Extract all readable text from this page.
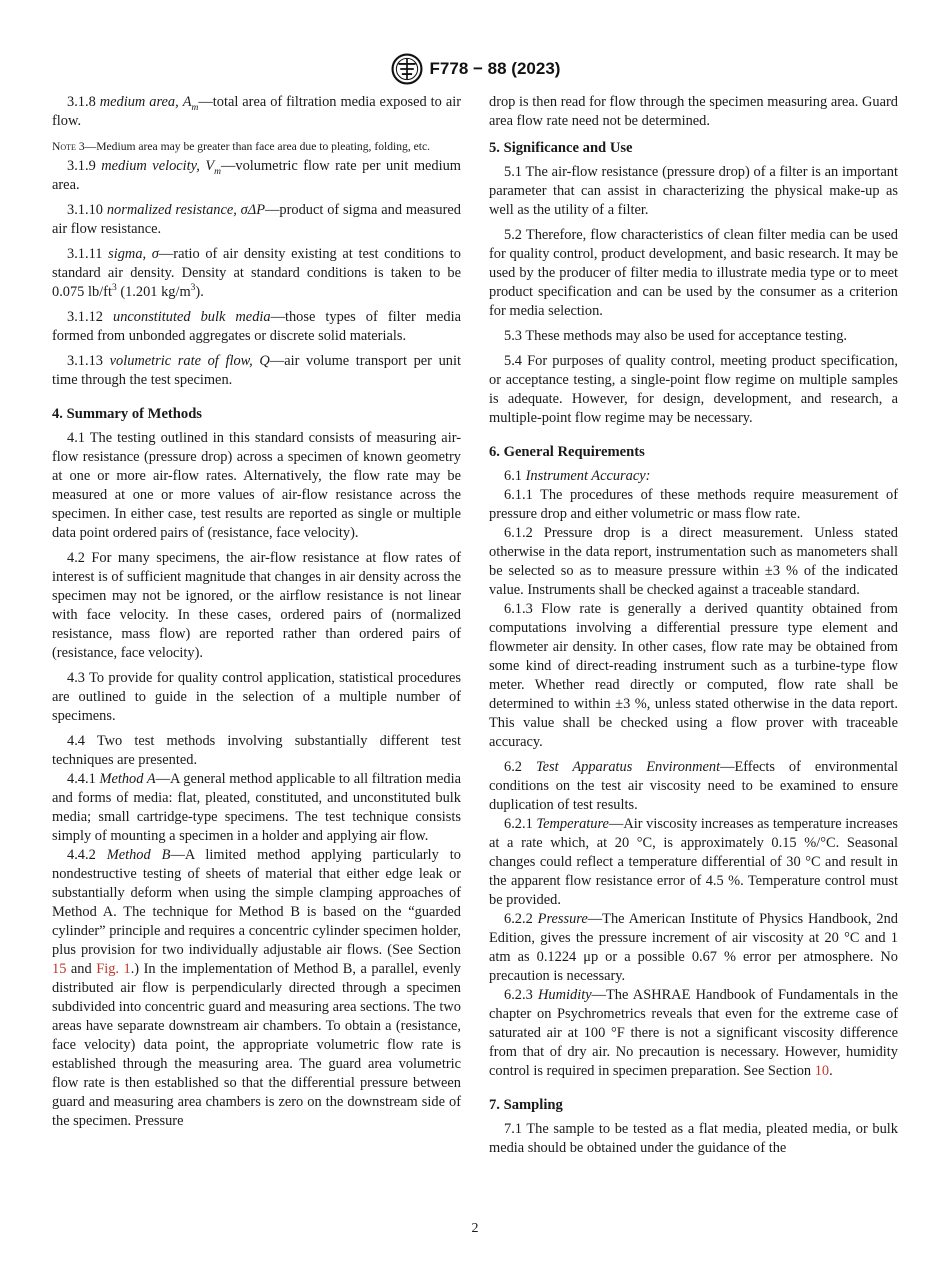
F778 − 88 (2023)

3.1.8 medium area, $A_m—total$ area of filtration media exposed to air flow.

Note 3—Medium area may be greater than face area due to pleating, folding, etc.

3.1.9 medium velocity, $V_m—volumetric$ flow rate per unit medium area.

3.1.10 normalized resistance, σΔP—product of sigma and measured air flow resistance.

3.1.11 sigma, σ—ratio of air density existing at test conditions to standard air density. Density at standard conditions is taken to be 0.075 $lb/ft^3$ (1.201 $kg/m^3$).

3.1.12 unconstituted bulk media—those types of filter media formed from unbonded aggregates or discrete solid materials.

3.1.13 volumetric rate of flow, Q—air volume transport per unit time through the test specimen.

4. Summary of Methods

4.1 The testing outlined in this standard consists of measuring air-flow resistance (pressure drop) across a specimen of known geometry at one or more air-flow rates. Alternatively, the flow rate may be measured at one or more values of air-flow resistance across the specimen. In either case, test results are reported as single or multiple data point ordered pairs of (resistance, face velocity).

4.2 For many specimens, the air-flow resistance at flow rates of interest is of sufficient magnitude that changes in air density across the specimen may not be ignored, or the airflow resistance is not linear with face velocity. In these cases, ordered pairs of (normalized resistance, mass flow) are reported rather than ordered pairs of (resistance, face velocity).

4.3 To provide for quality control application, statistical procedures are outlined to guide in the selection of a multiple number of specimens.

4.4 Two test methods involving substantially different test techniques are presented.

4.4.1 Method A—A general method applicable to all filtration media and forms of media: flat, pleated, constituted, and unconstituted bulk media; small cartridge-type specimens. The test technique consists simply of mounting a specimen in a holder and applying air flow.

4.4.2 Method B—A limited method applying particularly to nondestructive testing of sheets of material that either edge leak or substantially deform when using the simple clamping approaches of Method A. The technique for Method B is based on the “guarded cylinder” principle and requires a concentric cylinder specimen holder, plus provision for two individually adjustable air flows. (See Section 15 and Fig. 1.) In the implementation of Method B, a parallel, evenly distributed air flow is perpendicularly directed through a specimen subdivided into concentric guard and measuring area sections. The two areas have separate downstream air chambers. To obtain a (resistance, face velocity) data point, the appropriate volumetric flow rate is established through the measuring area. The guard area volumetric flow rate is then established so that the differential pressure between guard and measuring area chambers is zero on the downstream side of the specimen. Pressure

drop is then read for flow through the specimen measuring area. Guard area flow rate need not be determined.

5. Significance and Use

5.1 The air-flow resistance (pressure drop) of a filter is an important parameter that can assist in characterizing the physical make-up as well as the utility of a filter.

5.2 Therefore, flow characteristics of clean filter media can be used for quality control, product development, and basic research. It may be used by the producer of filter media to illustrate media type or to meet product specification and can be used by the consumer as a criterion for media selection.

5.3 These methods may also be used for acceptance testing.

5.4 For purposes of quality control, meeting product specification, or acceptance testing, a single-point flow regime on multiple samples is adequate. However, for design, development, and research, a multiple-point flow regime may be necessary.

6. General Requirements

6.1 Instrument Accuracy:

6.1.1 The procedures of these methods require measurement of pressure drop and either volumetric or mass flow rate.

6.1.2 Pressure drop is a direct measurement. Unless stated otherwise in the data report, instrumentation such as manometers shall be selected so as to measure pressure within ±3 % of the indicated value. Instruments shall be checked against a traceable standard.

6.1.3 Flow rate is generally a derived quantity obtained from computations involving a differential pressure type element and flowmeter air density. In other cases, flow rate may be obtained from some kind of direct-reading instrument such as a turbine-type flow meter. Whether read directly or computed, flow rate shall be determined to within ±3 %, unless stated otherwise in the data report. This value shall be checked using a flow prover with traceable accuracy.

6.2 Test Apparatus Environment—Effects of environmental conditions on the test air viscosity need to be examined to ensure duplication of test results.

6.2.1 Temperature—Air viscosity increases as temperature increases at a rate which, at 20 °C, is approximately 0.15 %/°C. Seasonal changes could reflect a temperature differential of 30 °C and result in the apparent flow resistance error of 4.5 %. Temperature control must be provided.

6.2.2 Pressure—The American Institute of Physics Handbook, 2nd Edition, gives the pressure increment of air viscosity at 20 °C and 1 atm as 0.1224 μp or a possible 0.67 % error per atmosphere. No precaution is necessary.

6.2.3 Humidity—The ASHRAE Handbook of Fundamentals in the chapter on Psychrometrics reveals that even for the extreme case of saturated air at 100 °F there is not a significant viscosity difference from that of dry air. No precaution is necessary. However, humidity control is required in specimen preparation. See Section 10.

7. Sampling

7.1 The sample to be tested as a flat media, pleated media, or bulk media should be obtained under the guidance of the

2
